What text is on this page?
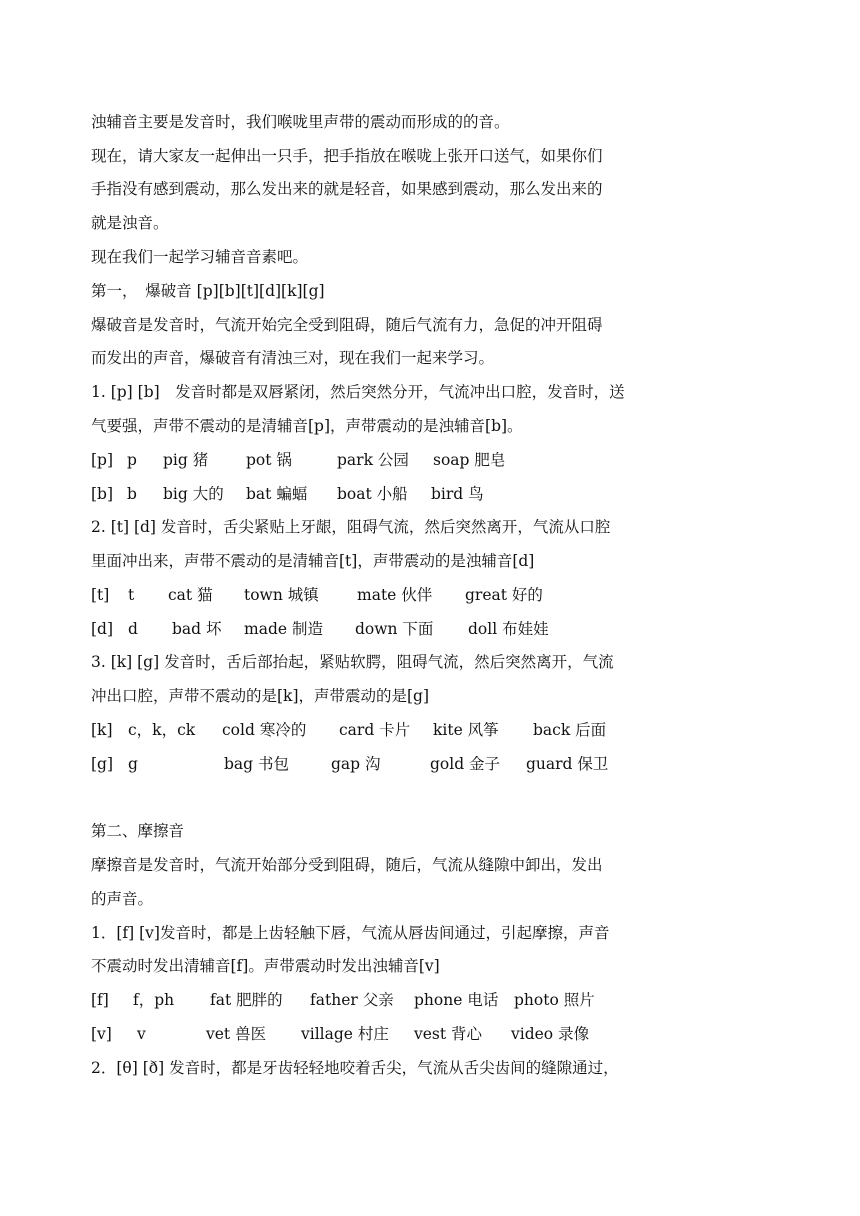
浊辅音主要是发音时，我们喉咙里声带的震动而形成的的音。
现在，请大家友一起伸出一只手，把手指放在喉咙上张开口送气，如果你们
手指没有感到震动，那么发出来的就是轻音，如果感到震动，那么发出来的
就是浊音。
现在我们一起学习辅音音素吧。
第一，　爆破音 [p][b][t][d][k][g]
爆破音是发音时，气流开始完全受到阻碍，随后气流有力，急促的冲开阻碍
而发出的声音，爆破音有清浊三对，现在我们一起来学习。
1. [p] [b]　发音时都是双唇紧闭，然后突然分开，气流冲出口腔，发音时，送
气要强，声带不震动的是清辅音[p]，声带震动的是浊辅音[b]。
[p] p pig 猪 pot 锅	park 公园 soap 肥皂
[b] b big 大的 bat 蝙蝠 boat 小船 bird 鸟
2. [t] [d] 发音时，舌尖紧贴上牙龈，阻碍气流，然后突然离开，气流从口腔
里面冲出来，声带不震动的是清辅音[t]，声带震动的是浊辅音[d]
[t] t cat 猫 town 城镇 mate 伙伴 great 好的
[d] d bad 坏 made 制造 down 下面 doll 布娃娃
3. [k] [g] 发音时，舌后部抬起，紧贴软腭，阻碍气流，然后突然离开，气流
冲出口腔，声带不震动的是[k]，声带震动的是[g]
[k] c，k，ck cold 寒冷的 card 卡片 kite 风筝 back 后面
[g] g	bag 书包	gap 沟	gold 金子 guard 保卫
第二、摩擦音
摩擦音是发音时，气流开始部分受到阻碍，随后，气流从缝隙中卸出，发出
的声音。
1．[f] [v]发音时，都是上齿轻触下唇，气流从唇齿间通过，引起摩擦，声音
不震动时发出清辅音[f]。声带震动时发出浊辅音[v]
[f] f，ph fat 肥胖的 father 父亲 phone 电话 photo 照片
[v] v	vet 兽医 village 村庄 vest 背心 video 录像
2．[θ] [ð] 发音时，都是牙齿轻轻地咬着舌尖，气流从舌尖齿间的缝隙通过，
